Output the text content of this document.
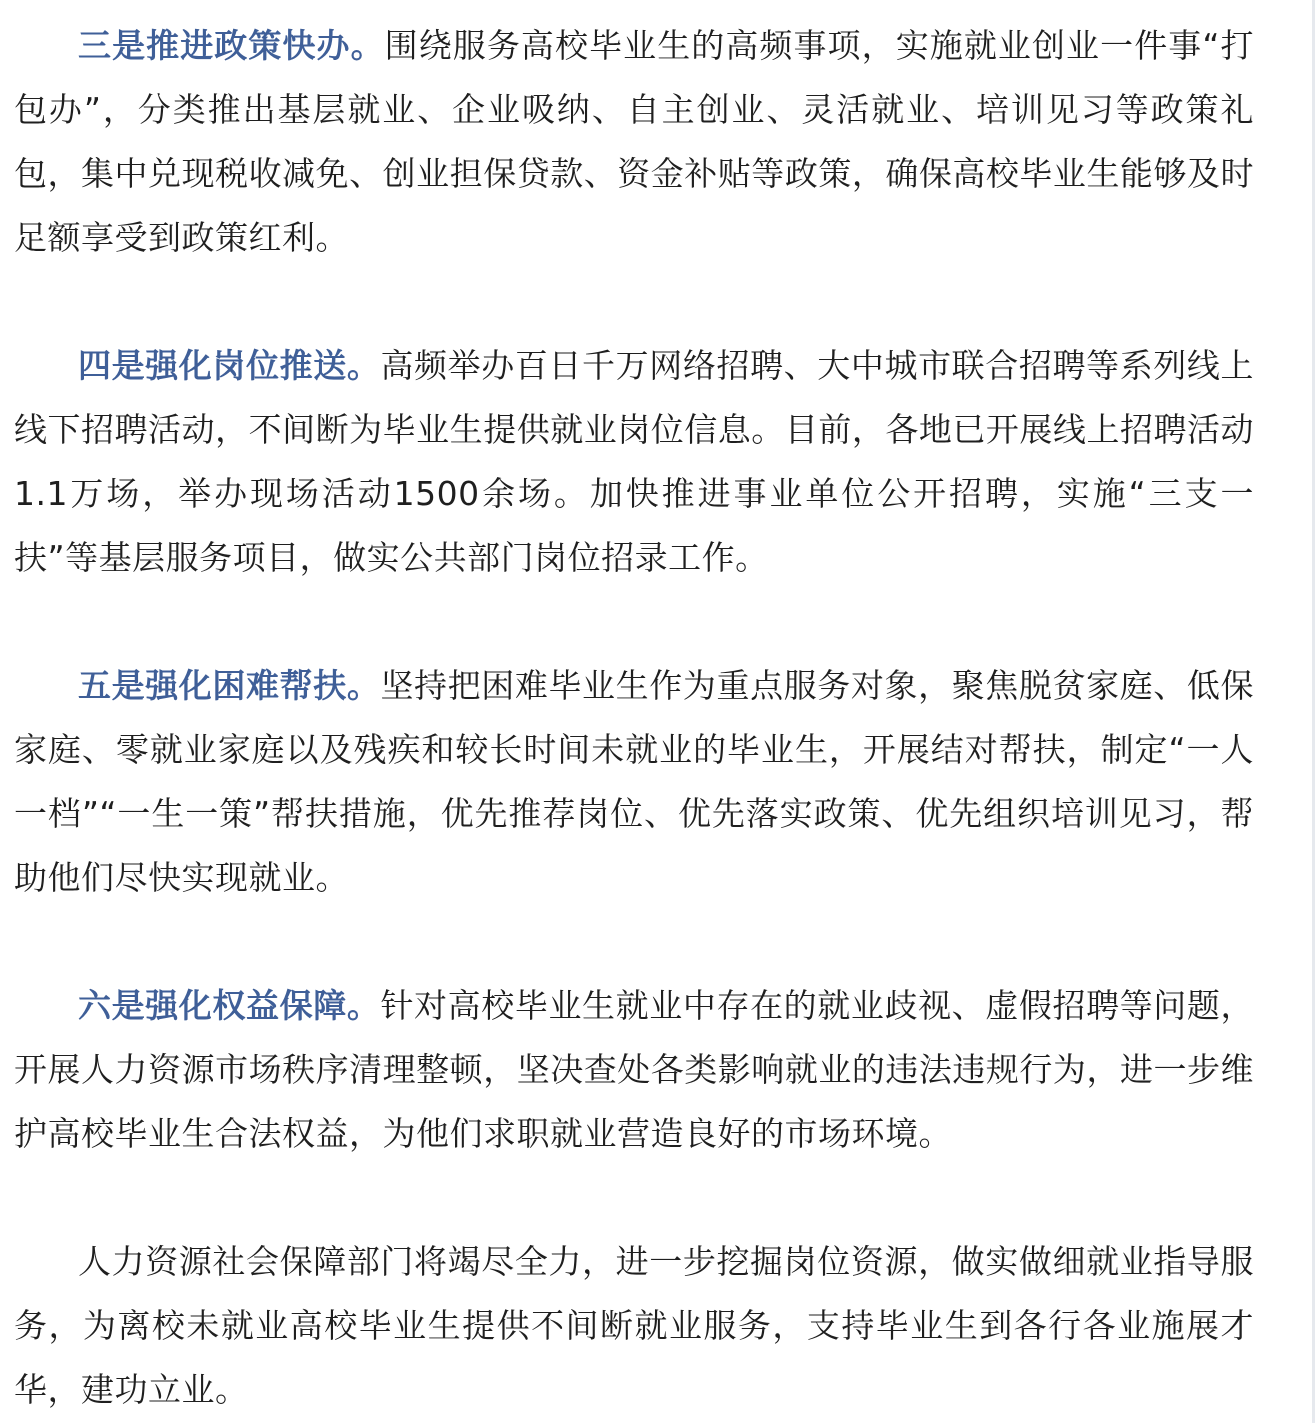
三是推进政策快办。围绕服务高校毕业生的高频事项，实施就业创业一件事“打包办”，分类推出基层就业、企业吸纳、自主创业、灵活就业、培训见习等政策礼包，集中兑现税收减免、创业担保贷款、资金补贴等政策，确保高校毕业生能够及时足额享受到政策红利。

四是强化岗位推送。高频举办百日千万网络招聘、大中城市联合招聘等系列线上线下招聘活动，不间断为毕业生提供就业岗位信息。目前，各地已开展线上招聘活动1.1万场，举办现场活动1500余场。加快推进事业单位公开招聘，实施“三支一扶”等基层服务项目，做实公共部门岗位招录工作。

五是强化困难帮扶。坚持把困难毕业生作为重点服务对象，聚焦脱贫家庭、低保家庭、零就业家庭以及残疾和较长时间未就业的毕业生，开展结对帮扶，制定“一人一档”“一生一策”帮扶措施，优先推荐岗位、优先落实政策、优先组织培训见习，帮助他们尽快实现就业。

六是强化权益保障。针对高校毕业生就业中存在的就业歧视、虚假招聘等问题，开展人力资源市场秩序清理整顿，坚决查处各类影响就业的违法违规行为，进一步维护高校毕业生合法权益，为他们求职就业营造良好的市场环境。

人力资源社会保障部门将竭尽全力，进一步挖掘岗位资源，做实做细就业指导服务，为离校未就业高校毕业生提供不间断就业服务，支持毕业生到各行各业施展才华，建功立业。
